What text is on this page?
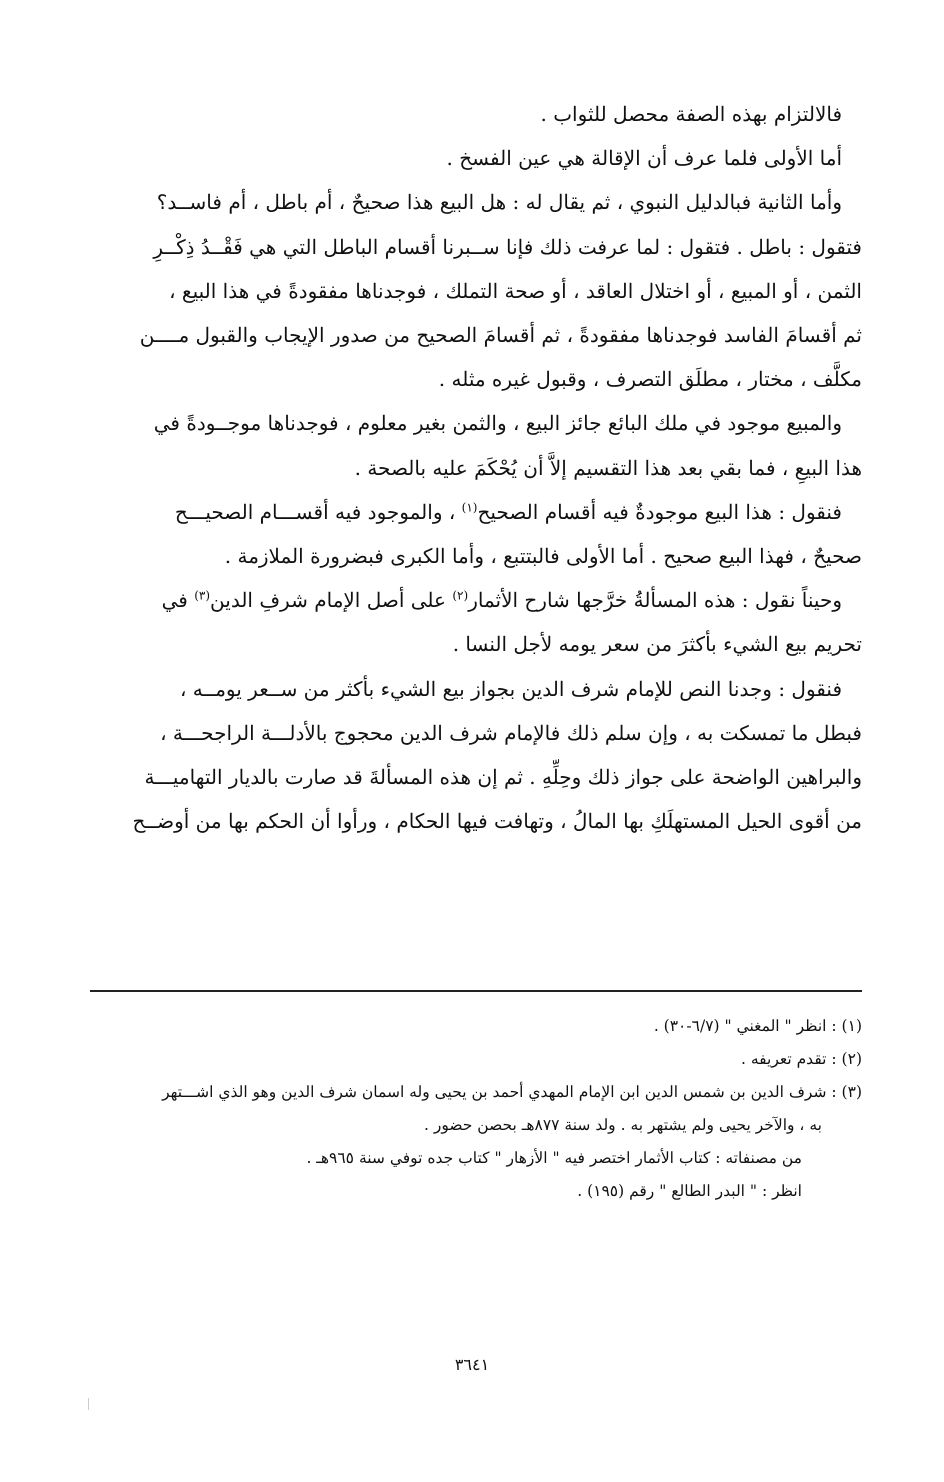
فالالتزام بهذه الصفة محصل للثواب .

أما الأولى فلما عرف أن الإقالة هي عين الفسخ .

وأما الثانية فبالدليل النبوي ، ثم يقال له : هل البيع هذا صحيحٌ ، أم باطل ، أم فاســد؟

فتقول : باطل . فتقول : لما عرفت ذلك فإنا ســبرنا أقسام الباطل التي هي فَقْــدُ ذِكْــرِ

الثمن ، أو المبيع ، أو اختلال العاقد ، أو صحة التملك ، فوجدناها مفقودةً في هذا البيع ،

ثم أقسامَ الفاسد فوجدناها مفقودةً ، ثم أقسامَ الصحيح من صدور الإيجاب والقبول مــــن

مكلَّف ، مختار ، مطلَق التصرف ، وقبول غيره مثله .

والمبيع موجود في ملك البائع جائز البيع ، والثمن بغير معلوم ، فوجدناها موجــودةً في

هذا البيعِ ، فما بقي بعد هذا التقسيم إلاَّ أن يُحْكَمَ عليه بالصحة .

فنقول : هذا البيع موجودةٌ فيه أقسام الصحيح$^{(١)}$ ، والموجود فيه أقســـام الصحيـــح

صحيحٌ ، فهذا البيع صحيح . أما الأولى فالبتتبع ، وأما الكبرى فبضرورة الملازمة .

وحيناً نقول : هذه المسألةُ خرَّجها شارح الأثمار$^{(٢)}$ على أصل الإمام شرفِ الدين$^{(٣)}$ في

تحريم بيع الشيء بأكثرَ من سعر يومه لأجل النسا .

فنقول : وجدنا النص للإمام شرف الدين بجواز بيع الشيء بأكثر من ســعر يومــه ،

فبطل ما تمسكت به ، وإن سلم ذلك فالإمام شرف الدين محجوج بالأدلـــة الراجحـــة ،

والبراهين الواضحة على جواز ذلك وحِلِّهِ . ثم إن هذه المسألةَ قد صارت بالديار التهاميـــة

من أقوى الحيل المستهلَكِ بها المالُ ، وتهافت فيها الحكام ، ورأوا أن الحكم بها من أوضــح

(١) : انظر " المغني " (٦/٧-٣٠) .

(٢) : تقدم تعريفه .

(٣) : شرف الدين بن شمس الدين ابن الإمام المهدي أحمد بن يحيى وله اسمان شرف الدين وهو الذي اشـــتهر

به ، والآخر يحيى ولم يشتهر به . ولد سنة ٨٧٧هـ بحصن حضور .

من مصنفاته : كتاب الأثمار اختصر فيه " الأزهار " كتاب جده توفي سنة ٩٦٥هـ .

انظر : " البدر الطالع " رقم (١٩٥) .

٣٦٤١
